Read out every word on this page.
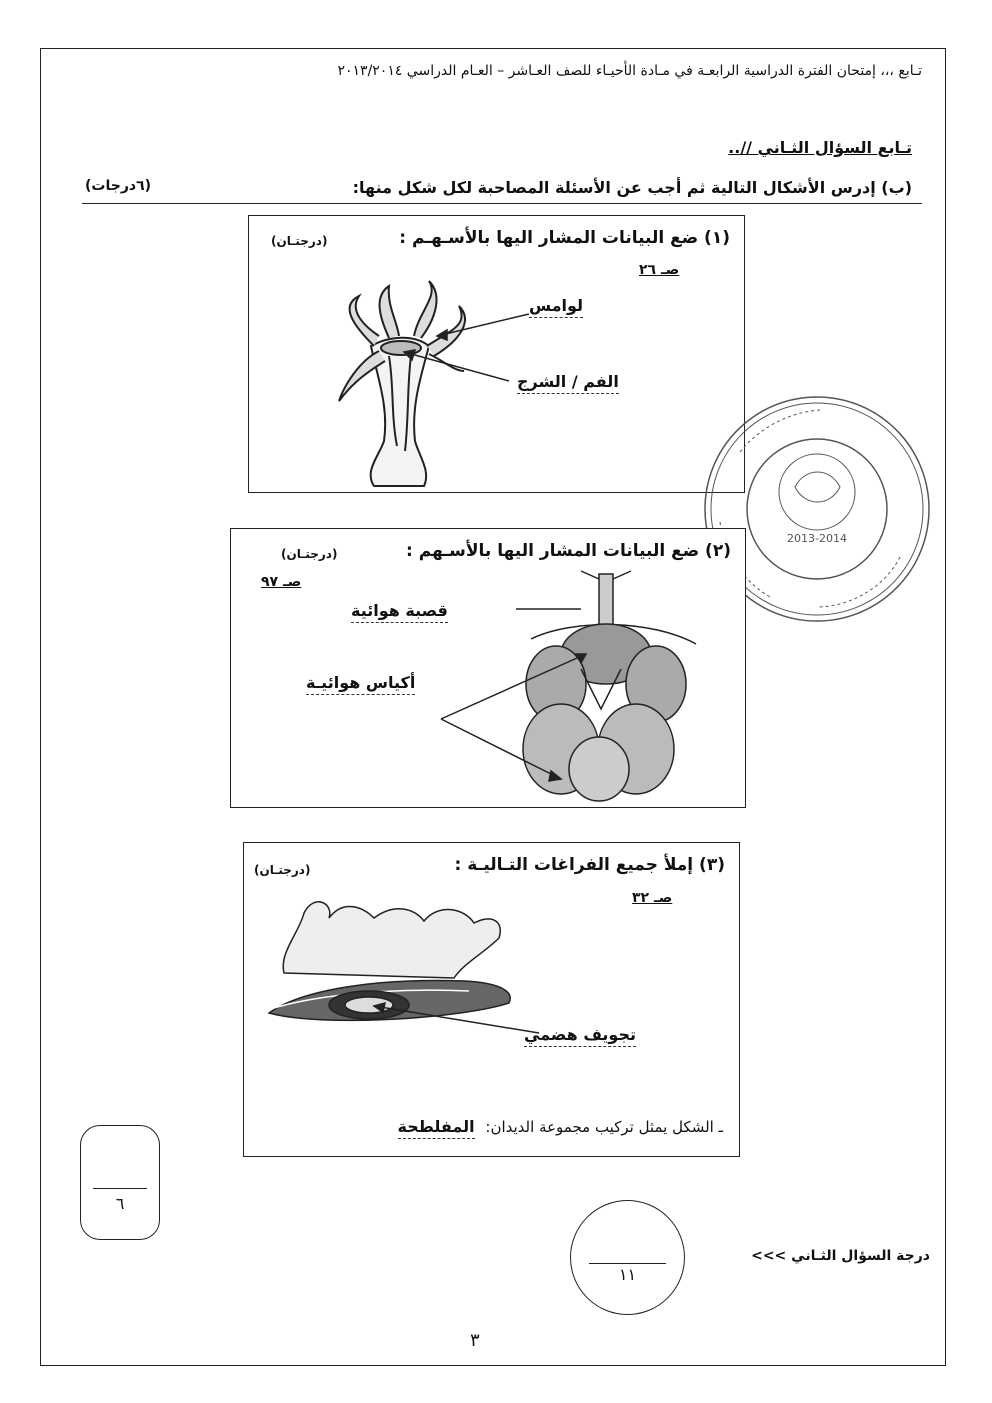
تـابع ،،، إمتحان الفترة الدراسية الرابعـة في مـادة الأحيـاء للصف العـاشر – العـام الدراسي ٢٠١٣/٢٠١٤
تـابع السؤال الثـاني //..
(ب) إدرس الأشكال التالية ثم أجب عن الأسئلة المصاحبة لكل شكل منها:
(٦درجات)
(١) ضع البيانات المشار اليها بالأسـهـم :
(درجتـان)
صـ ٢٦
لوامس
الفم / الشرج
2013-2014
(٢) ضع البيانات المشار اليها بالأسـهم :
(درجتـان)
صـ ٩٧
قصبة هوائية
أكياس هوائيـة
(٣) إملأ جميع الفراغات التـاليـة :
(درجتـان)
صـ ٣٢
تجويف هضمي
ـ الشكل يمثل تركيب مجموعة الديدان: المفلطحة
٦
١١
درجة السؤال الثـاني >>>
٣
